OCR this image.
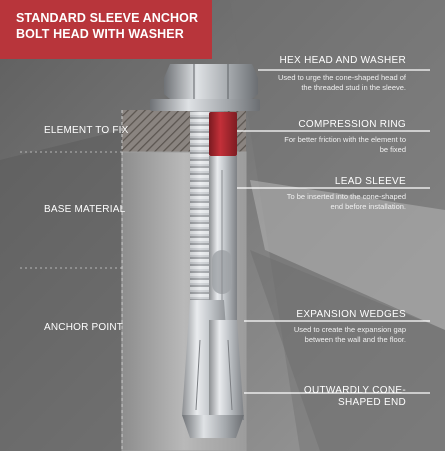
STANDARD SLEEVE ANCHOR
BOLT HEAD WITH WASHER
ELEMENT TO FIX
BASE MATERIAL
ANCHOR POINT
HEX HEAD AND WASHER
Used to urge the cone-shaped head of the threaded stud in the sleeve.
COMPRESSION RING
For better friction with the element to be fixed
LEAD SLEEVE
To be inserted into the cone-shaped end before installation.
EXPANSION WEDGES
Used to create the expansion gap between the wall and the floor.
OUTWARDLY CONE-SHAPED END
